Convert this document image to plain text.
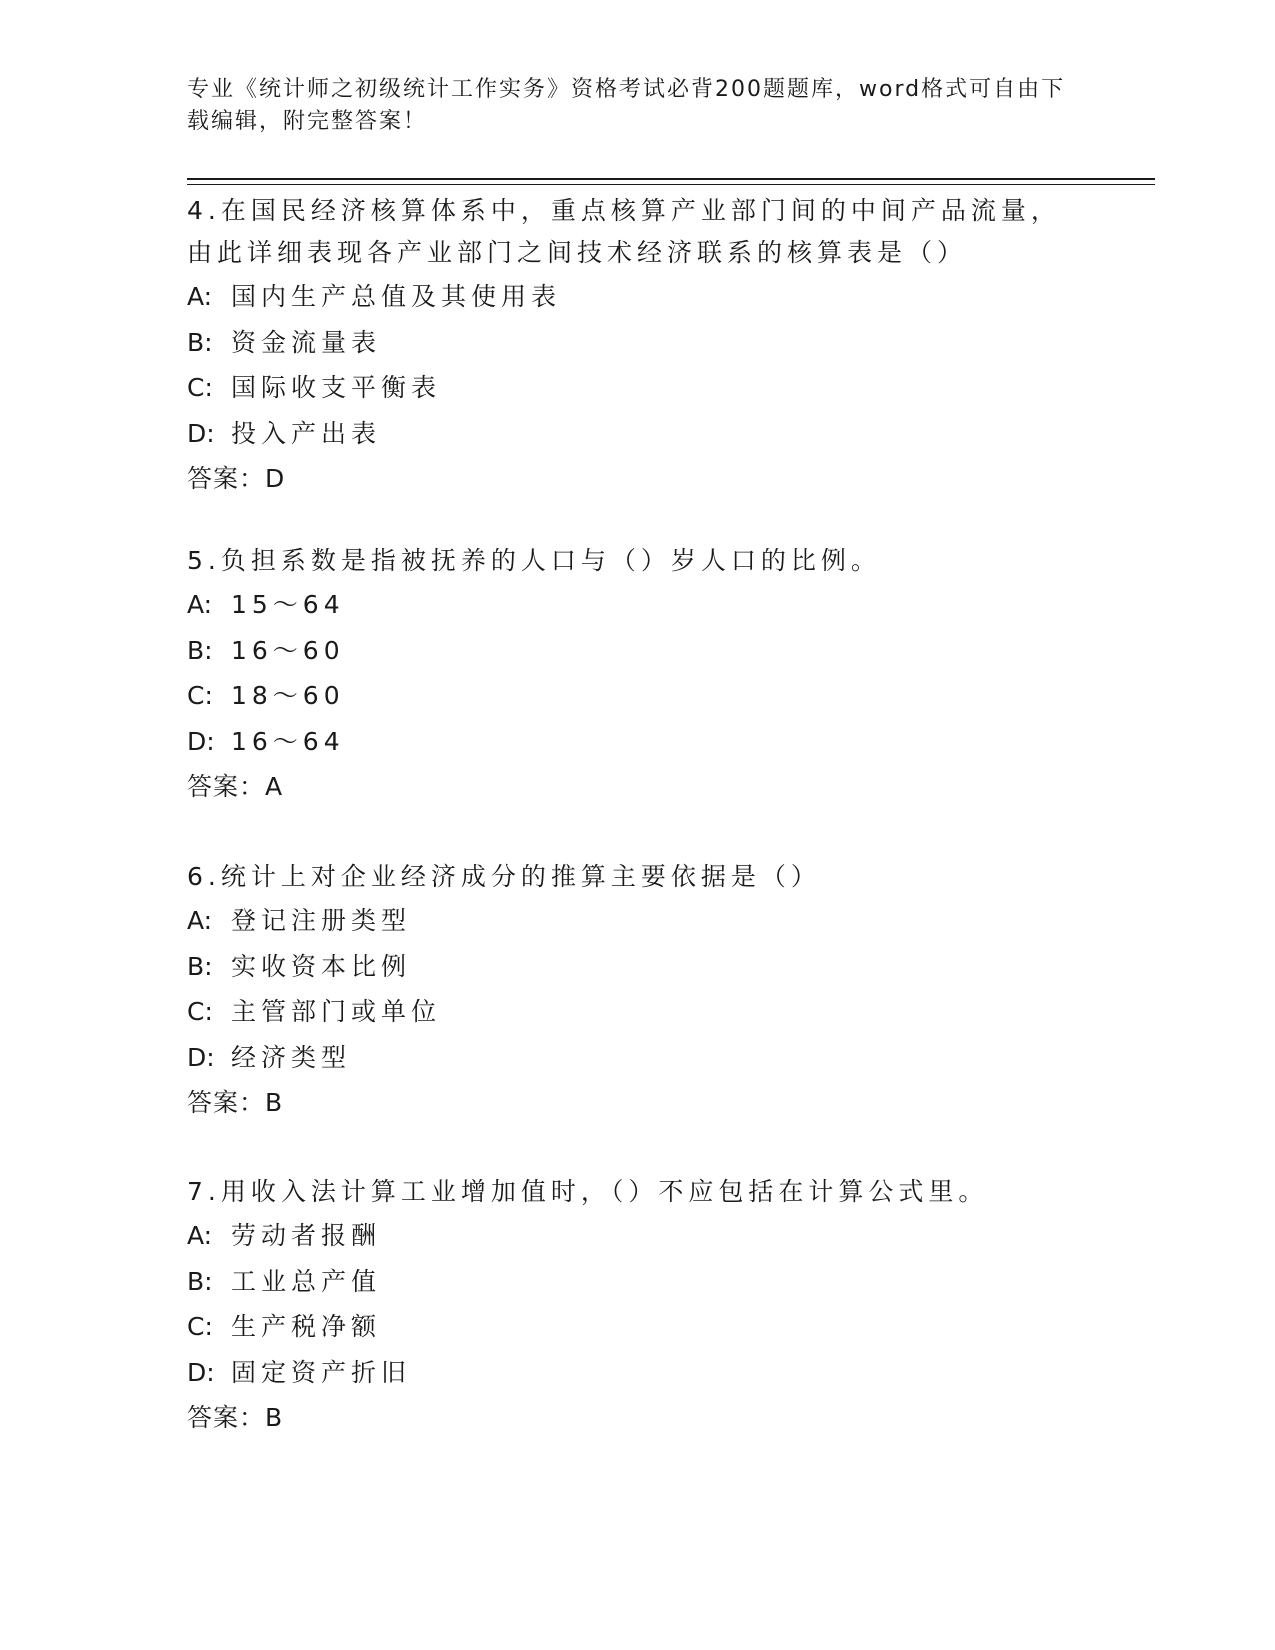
专业《统计师之初级统计工作实务》资格考试必背200题题库，word格式可自由下载编辑，附完整答案！

4.在国民经济核算体系中，重点核算产业部门间的中间产品流量，由此详细表现各产业部门之间技术经济联系的核算表是（）

A: 国内生产总值及其使用表

B: 资金流量表

C: 国际收支平衡表

D: 投入产出表

答案：D

5.负担系数是指被抚养的人口与（）岁人口的比例。

A: 15～64

B: 16～60

C: 18～60

D: 16～64

答案：A

6.统计上对企业经济成分的推算主要依据是（）

A: 登记注册类型

B: 实收资本比例

C: 主管部门或单位

D: 经济类型

答案：B

7.用收入法计算工业增加值时，（）不应包括在计算公式里。

A: 劳动者报酬

B: 工业总产值

C: 生产税净额

D: 固定资产折旧

答案：B
